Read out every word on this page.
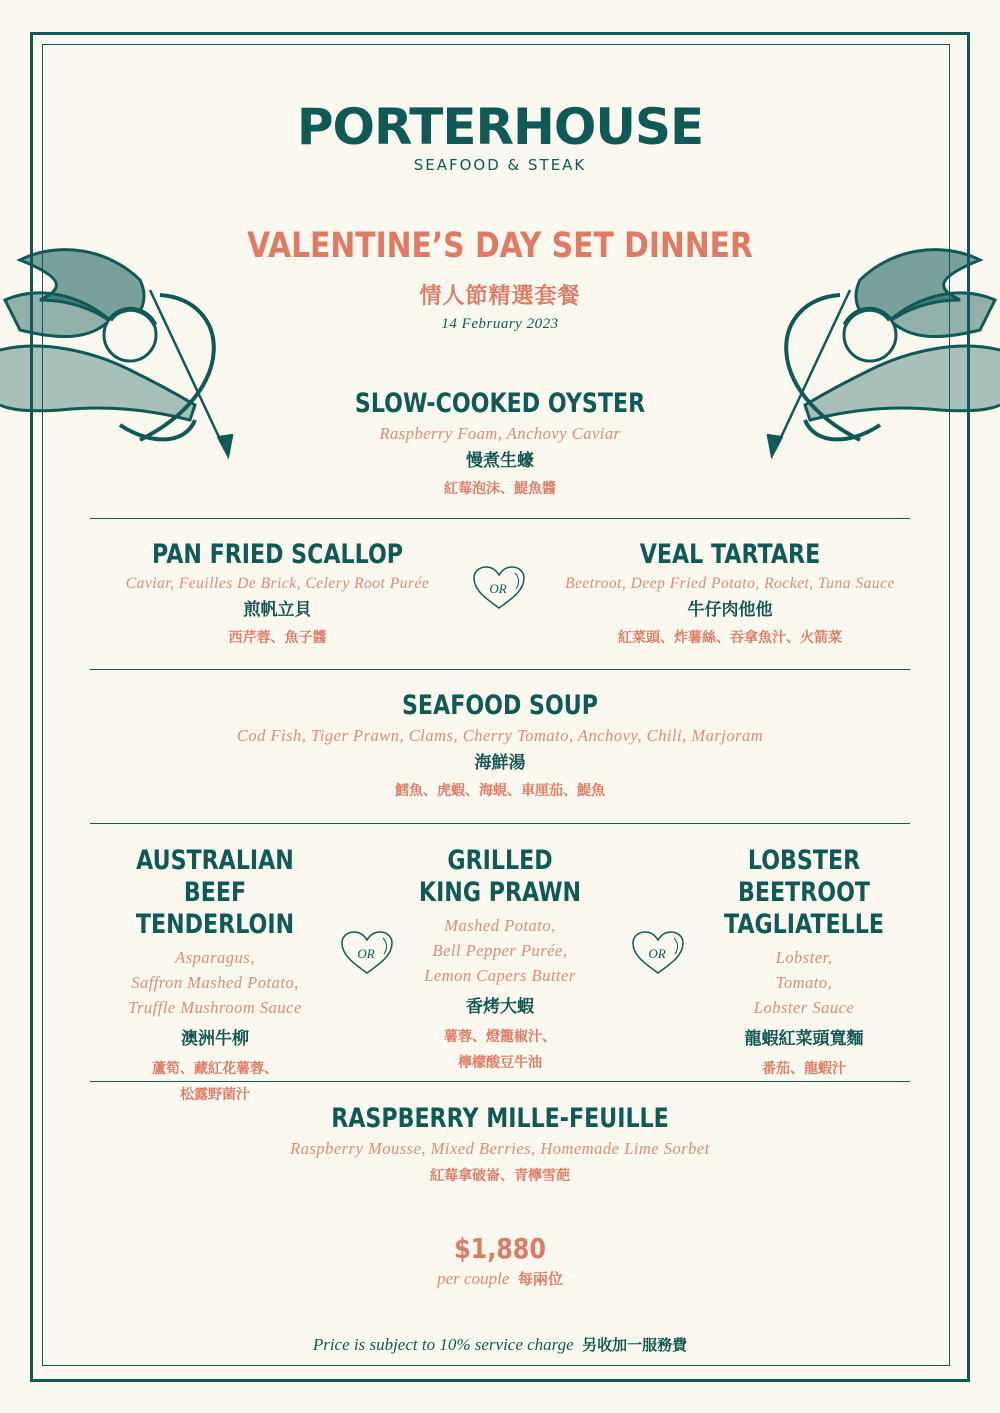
PORTERHOUSE
SEAFOOD & STEAK
VALENTINE’S DAY SET DINNER
情人節精選套餐
14 February 2023
SLOW-COOKED OYSTER
Raspberry Foam, Anchovy Caviar
慢煮生蠔
紅莓泡沫、鯷魚醬
PAN FRIED SCALLOP
Caviar, Feuilles De Brick, Celery Root Purée
煎帆立貝
西芹蓉、魚子醬
OR
VEAL TARTARE
Beetroot, Deep Fried Potato, Rocket, Tuna Sauce
牛仔肉他他
紅菜頭、炸薯絲、吞拿魚汁、火箭菜
SEAFOOD SOUP
Cod Fish, Tiger Prawn, Clams, Cherry Tomato, Anchovy, Chili, Marjoram
海鮮湯
鱈魚、虎蝦、海蜆、車厘茄、鯷魚
AUSTRALIAN BEEF
TENDERLOIN
Asparagus,
Saffron Mashed Potato,
Truffle Mushroom Sauce
澳洲牛柳
蘆筍、藏紅花薯蓉、
松露野菌汁
OR
GRILLED
KING PRAWN
Mashed Potato,
Bell Pepper Purée,
Lemon Capers Butter
香烤大蝦
薯蓉、燈籠椒汁、
檸檬酸豆牛油
OR
LOBSTER BEETROOT
TAGLIATELLE
Lobster,
Tomato,
Lobster Sauce
龍蝦紅菜頭寬麵
番茄、龍蝦汁
RASPBERRY MILLE-FEUILLE
Raspberry Mousse, Mixed Berries, Homemade Lime Sorbet
紅莓拿破崙、青檸雪葩
$1,880
per couple 每兩位
Price is subject to 10% service charge 另收加一服務費
